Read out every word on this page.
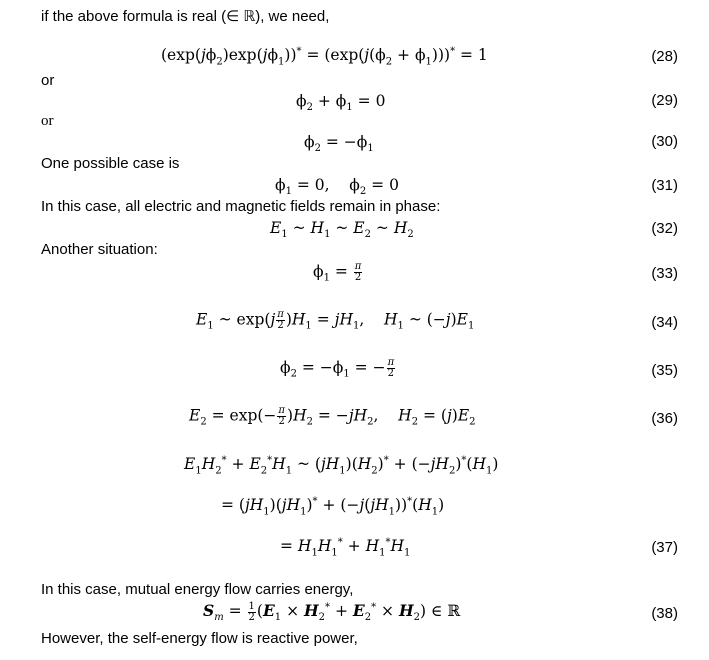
if the above formula is real (∈ ℝ), we need,
$(\exp(j\phi_2)\exp(j\phi_1))^* = (\exp(j(\phi_2 + \phi_1)))^* = 1$	(28)
or
$\phi_2 + \phi_1 = 0$	(29)
or
$\phi_2 = -\phi_1$	(30)
One possible case is
$\phi_1 = 0$,    $\phi_2 = 0$	(31)
In this case, all electric and magnetic fields remain in phase:
$E_1$ ~ $H_1$ ~ $E_2$ ~ $H_2$	(32)
Another situation:
$\phi_1 = \frac{\pi}{2}$	(33)
$E_1$ ~ $\exp(j \frac{\pi}{2} )H_1 = jH_1$,    $H_1$ ~ $(-j)E_1$	(34)
$\phi_2 = -\phi_1$ = − $\frac{\pi}{2}$	(35)
$E_2 = \exp(- \frac{\pi}{2} )H_2 = -jH_2$,    $H_2 = (j)E_2$	(36)
$E_1H_2^* + E_2^*H_1$ ~ $(jH_1)(H_2)^* + (-jH_2)^*(H_1)$
= $(jH_1)(jH_1)^* + (-j(jH_1))^*(H_1)$
= $H_1H_1^* + H_1^*H_1$	(37)
In this case, mutual energy flow carries energy,
$S_m = \frac{1}{2} (E_1 \times H_2^* + E_2^* \times H_2)$ ∈ ℝ	(38)
However, the self-energy flow is reactive power,
